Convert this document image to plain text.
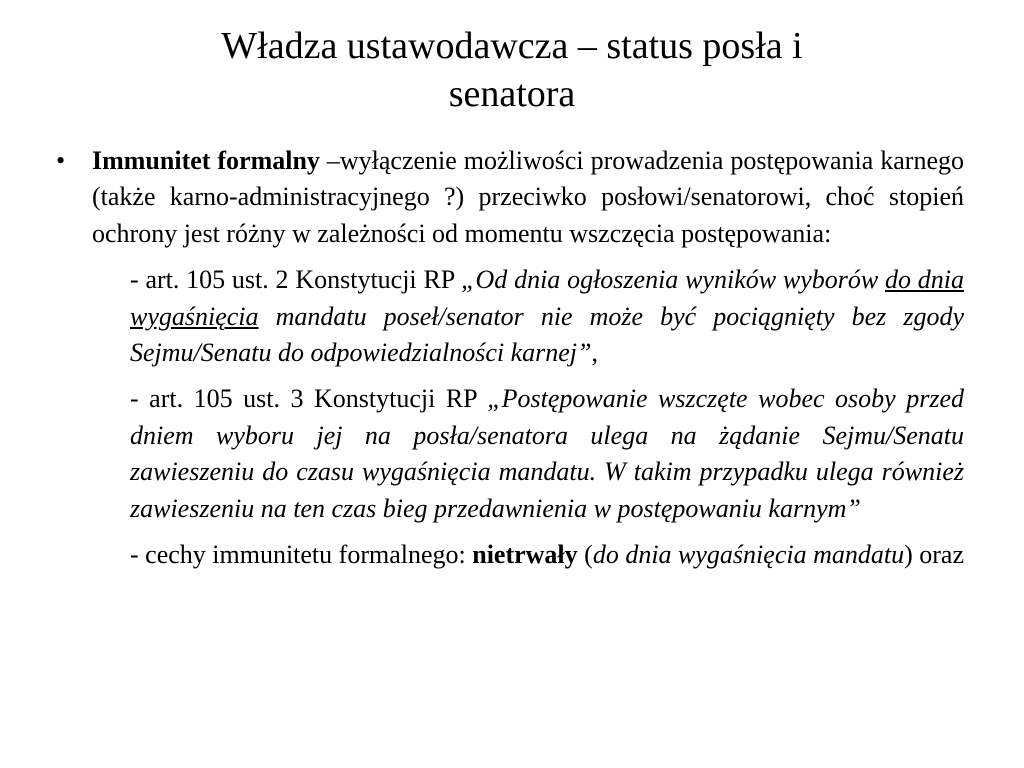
Władza ustawodawcza – status posła i
senatora
• Immunitet formalny –wyłączenie możliwości prowadzenia postępowania karnego (także karno-administracyjnego ?) przeciwko posłowi/senatorowi, choć stopień ochrony jest różny w zależności od momentu wszczęcia postępowania:

- art. 105 ust. 2 Konstytucji RP „Od dnia ogłoszenia wyników wyborów do dnia wygaśnięcia mandatu poseł/senator nie może być pociągnięty bez zgody Sejmu/Senatu do odpowiedzialności karnej”,

- art. 105 ust. 3 Konstytucji RP „Postępowanie wszczęte wobec osoby przed dniem wyboru jej na posła/senatora ulega na żądanie Sejmu/Senatu zawieszeniu do czasu wygaśnięcia mandatu. W takim przypadku ulega również zawieszeniu na ten czas bieg przedawnienia w postępowaniu karnym”

- cechy immunitetu formalnego: nietrwały (do dnia wygaśnięcia mandatu) oraz
